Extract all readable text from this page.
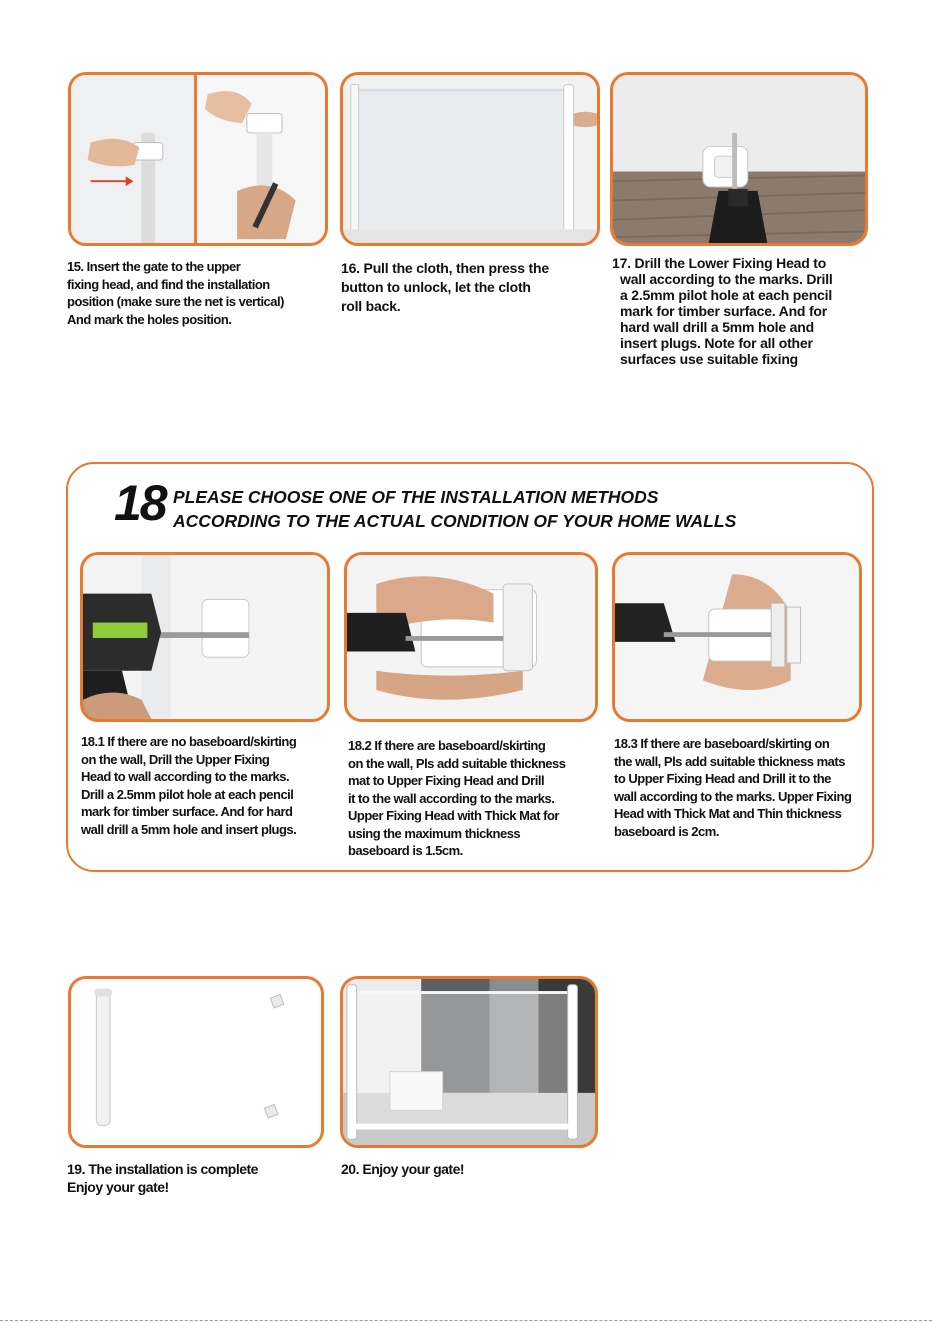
15. Insert the gate to the upper
fixing head, and find the installation
position (make sure the net is vertical)
And mark the holes position.
16. Pull the cloth, then press the
button to unlock, let the cloth
roll back.
17. Drill the Lower Fixing Head to
wall according to the marks. Drill
a 2.5mm pilot hole at each pencil
mark for timber surface. And for
hard wall drill a 5mm hole and
insert plugs. Note for all other
surfaces use suitable fixing
18 PLEASE CHOOSE ONE OF THE INSTALLATION METHODS
ACCORDING TO THE ACTUAL CONDITION OF YOUR HOME WALLS
18.1 If there are no baseboard/skirting
on the wall, Drill the Upper Fixing
Head to wall according to the marks.
Drill a 2.5mm pilot hole at each pencil
mark for timber surface. And for hard
wall drill a 5mm hole and insert plugs.
18.2 If there are baseboard/skirting
on the wall, Pls add suitable thickness
mat to Upper Fixing Head and Drill
it to the wall according to the marks.
Upper Fixing Head with Thick Mat for
using the maximum thickness
baseboard is 1.5cm.
18.3 If there are baseboard/skirting on
the wall, Pls add suitable thickness mats
to Upper Fixing Head and Drill it to the
wall according to the marks. Upper Fixing
Head with Thick Mat and Thin thickness
baseboard is 2cm.
19. The installation is complete
Enjoy your gate!
20. Enjoy your gate!
